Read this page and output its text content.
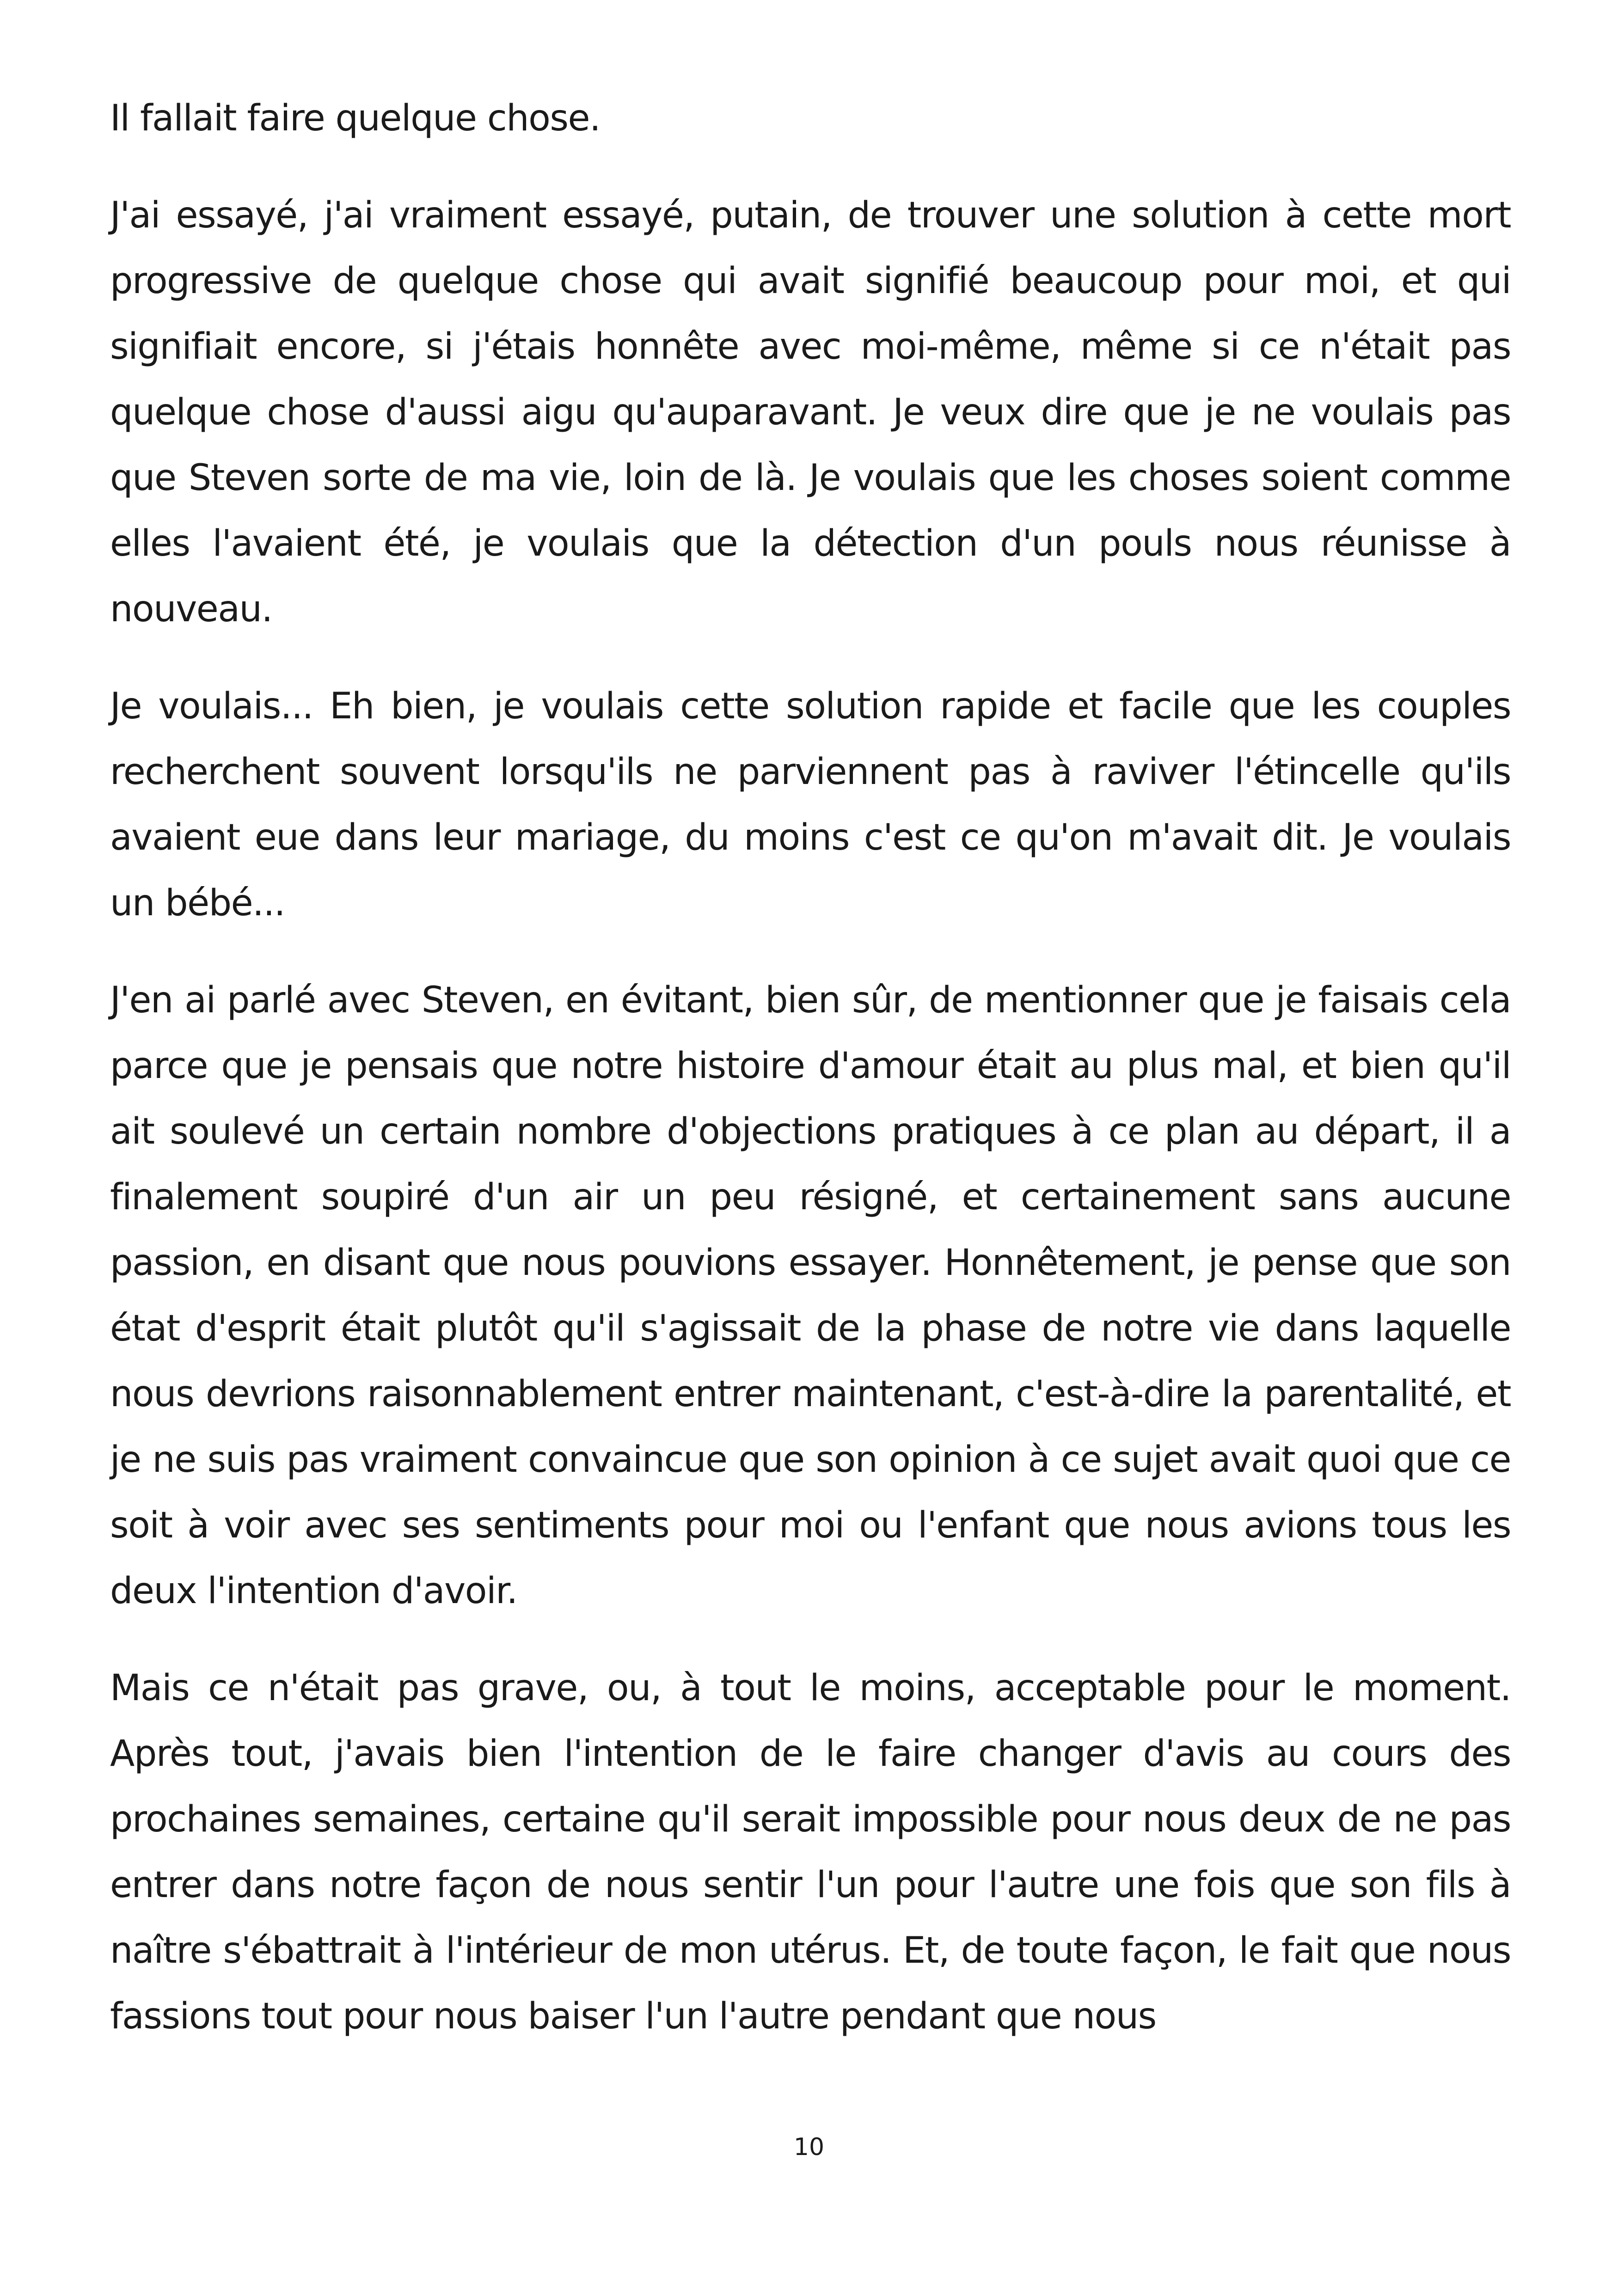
Il fallait faire quelque chose.

J'ai essayé, j'ai vraiment essayé, putain, de trouver une solution à cette mort progressive de quelque chose qui avait signifié beaucoup pour moi, et qui signifiait encore, si j'étais honnête avec moi-même, même si ce n'était pas quelque chose d'aussi aigu qu'auparavant. Je veux dire que je ne voulais pas que Steven sorte de ma vie, loin de là. Je voulais que les choses soient comme elles l'avaient été, je voulais que la détection d'un pouls nous réunisse à nouveau.

Je voulais... Eh bien, je voulais cette solution rapide et facile que les couples recherchent souvent lorsqu'ils ne parviennent pas à raviver l'étincelle qu'ils avaient eue dans leur mariage, du moins c'est ce qu'on m'avait dit. Je voulais un bébé...

J'en ai parlé avec Steven, en évitant, bien sûr, de mentionner que je faisais cela parce que je pensais que notre histoire d'amour était au plus mal, et bien qu'il ait soulevé un certain nombre d'objections pratiques à ce plan au départ, il a finalement soupiré d'un air un peu résigné, et certainement sans aucune passion, en disant que nous pouvions essayer. Honnêtement, je pense que son état d'esprit était plutôt qu'il s'agissait de la phase de notre vie dans laquelle nous devrions raisonnablement entrer maintenant, c'est-à-dire la parentalité, et je ne suis pas vraiment convaincue que son opinion à ce sujet avait quoi que ce soit à voir avec ses sentiments pour moi ou l'enfant que nous avions tous les deux l'intention d'avoir.

Mais ce n'était pas grave, ou, à tout le moins, acceptable pour le moment. Après tout, j'avais bien l'intention de le faire changer d'avis au cours des prochaines semaines, certaine qu'il serait impossible pour nous deux de ne pas entrer dans notre façon de nous sentir l'un pour l'autre une fois que son fils à naître s'ébattrait à l'intérieur de mon utérus. Et, de toute façon, le fait que nous fassions tout pour nous baiser l'un l'autre pendant que nous

10
